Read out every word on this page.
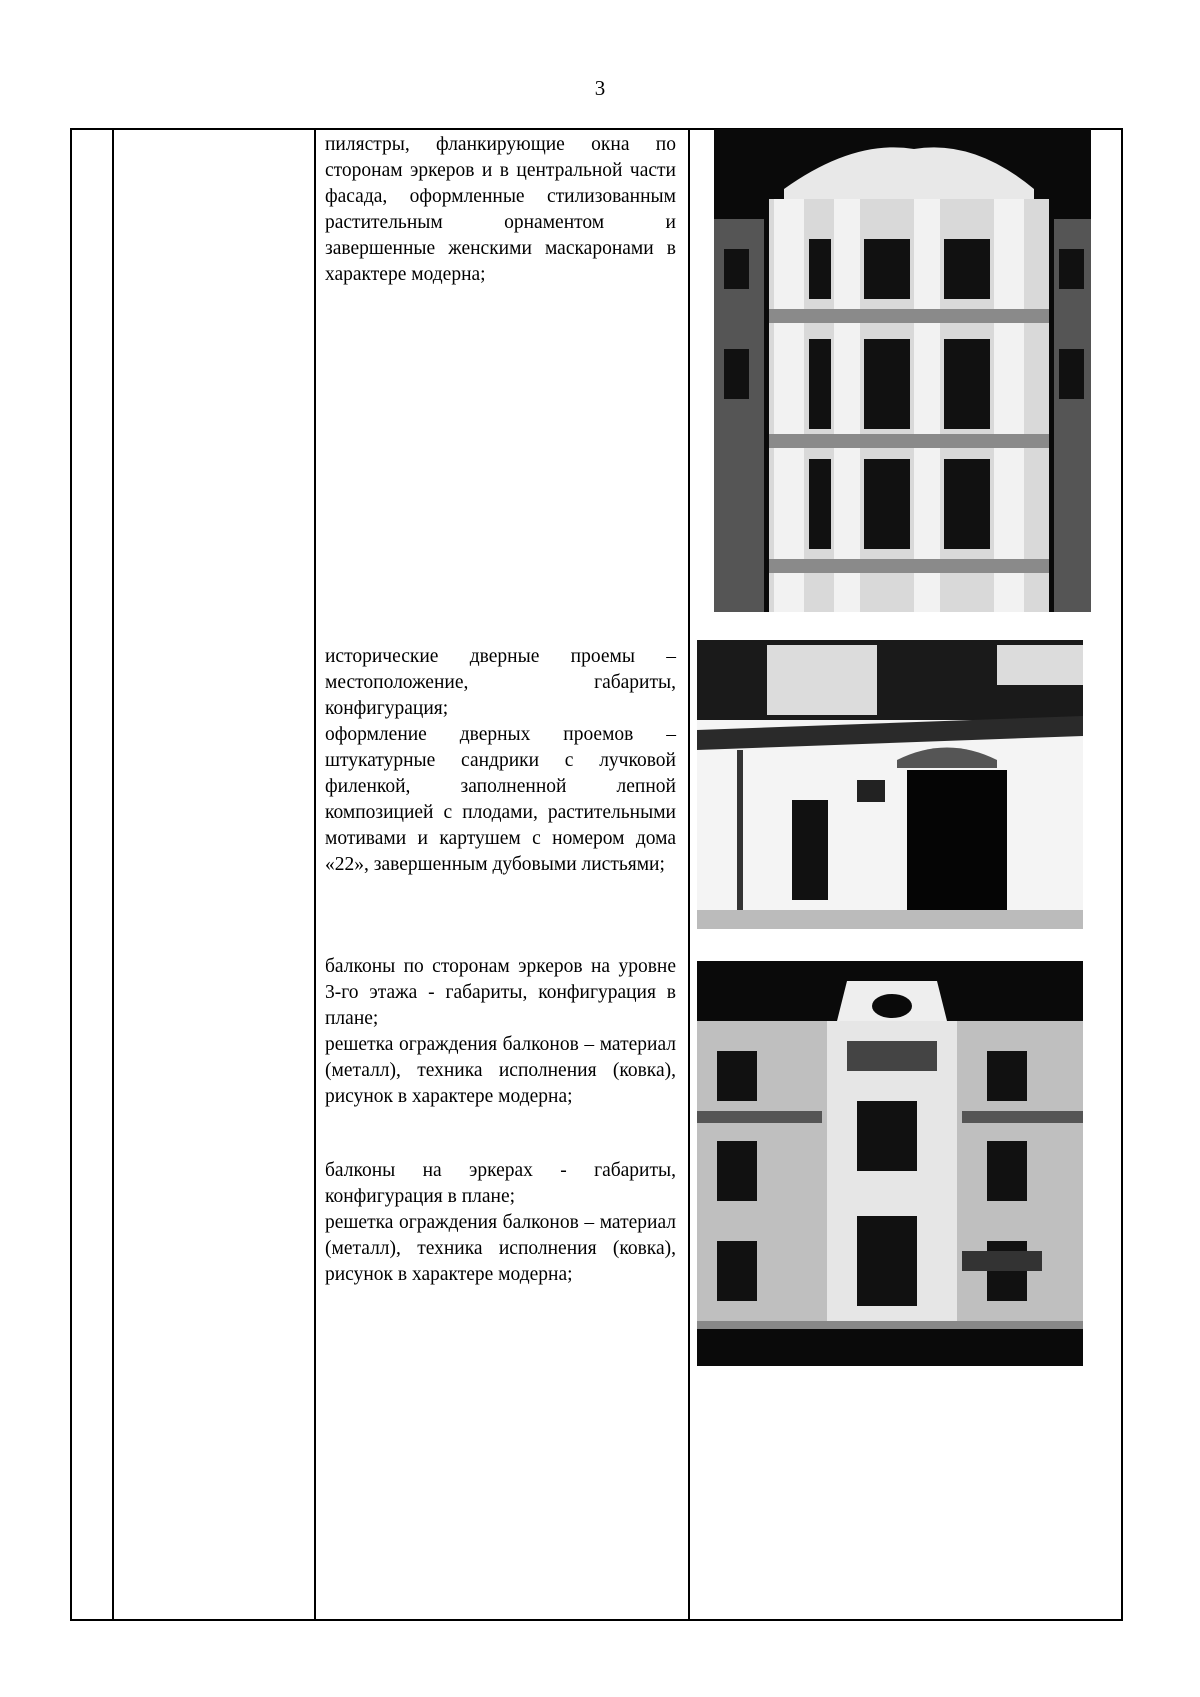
3

пилястры, фланкирующие окна по сторонам эркеров и в центральной части фасада, оформленные стилизованным растительным орнаментом и завершенные женскими маскаронами в характере модерна;

исторические дверные проемы – местоположение, габариты, конфигурация;

оформление дверных проемов – штукатурные сандрики с лучковой филенкой, заполненной лепной композицией с плодами, растительными мотивами и картушем с номером дома «22», завершенным дубовыми листьями;

балконы по сторонам эркеров на уровне 3-го этажа - габариты, конфигурация в плане;

решетка ограждения балконов – материал (металл), техника исполнения (ковка), рисунок в характере модерна;

балконы на эркерах - габариты, конфигурация в плане;

решетка ограждения балконов – материал (металл), техника исполнения (ковка), рисунок в характере модерна;
